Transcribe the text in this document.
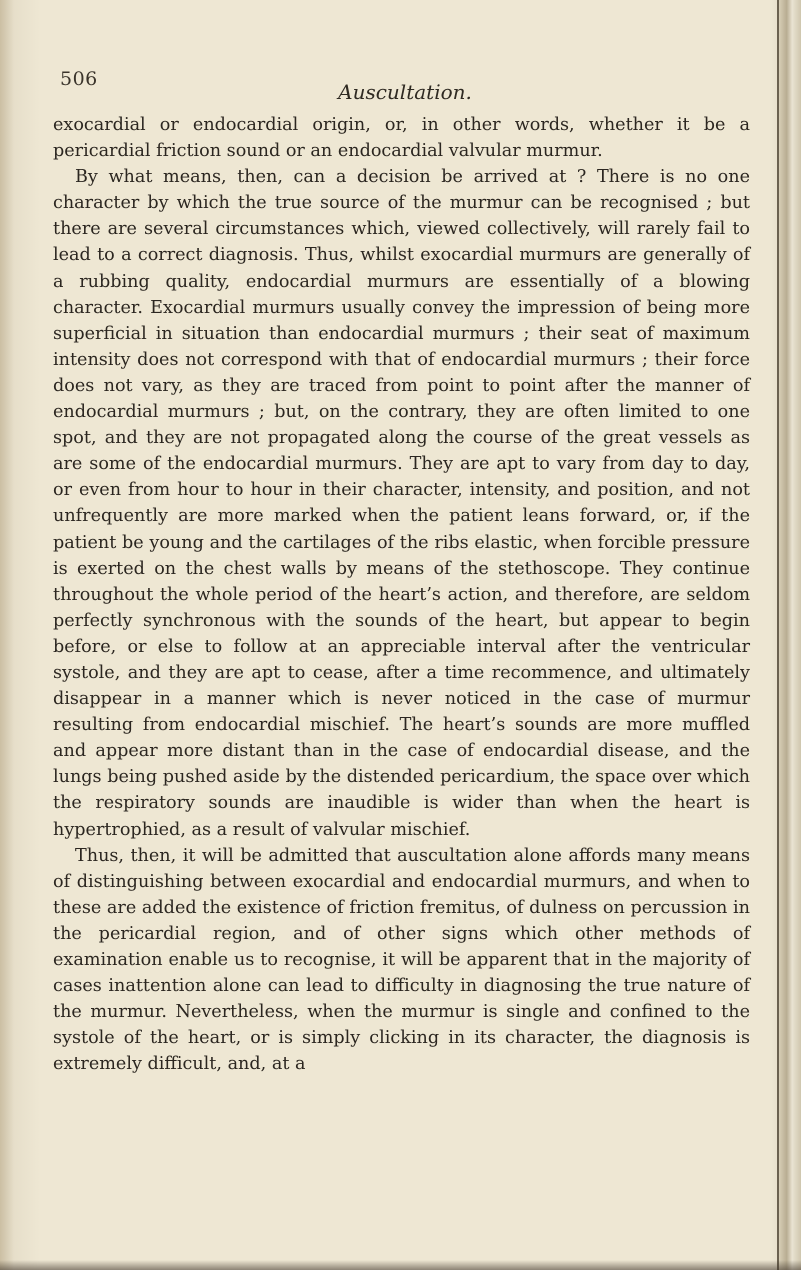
506
Auscultation.

exocardial or endocardial origin, or, in other words, whether it be a pericardial friction sound or an endocardial valvular murmur.

By what means, then, can a decision be arrived at ? There is no one character by which the true source of the murmur can be recognised ; but there are several circumstances which, viewed collectively, will rarely fail to lead to a correct diagnosis. Thus, whilst exocardial murmurs are generally of a rubbing quality, endocardial murmurs are essentially of a blowing character. Exocardial murmurs usually convey the impression of being more superficial in situation than endocardial murmurs ; their seat of maximum intensity does not correspond with that of endocardial murmurs ; their force does not vary, as they are traced from point to point after the manner of endocardial murmurs ; but, on the contrary, they are often limited to one spot, and they are not propagated along the course of the great vessels as are some of the endocardial murmurs. They are apt to vary from day to day, or even from hour to hour in their character, intensity, and position, and not unfrequently are more marked when the patient leans forward, or, if the patient be young and the cartilages of the ribs elastic, when forcible pressure is exerted on the chest walls by means of the stethoscope. They continue throughout the whole period of the heart’s action, and therefore, are seldom perfectly synchronous with the sounds of the heart, but appear to begin before, or else to follow at an appreciable interval after the ventricular systole, and they are apt to cease, after a time recommence, and ultimately disappear in a manner which is never noticed in the case of murmur resulting from endocardial mischief. The heart’s sounds are more muffled and appear more distant than in the case of endocardial disease, and the lungs being pushed aside by the distended pericardium, the space over which the respiratory sounds are inaudible is wider than when the heart is hypertrophied, as a result of valvular mischief.

Thus, then, it will be admitted that auscultation alone affords many means of distinguishing between exocardial and endocardial murmurs, and when to these are added the existence of friction fremitus, of dulness on percussion in the pericardial region, and of other signs which other methods of examination enable us to recognise, it will be apparent that in the majority of cases inattention alone can lead to difficulty in diagnosing the true nature of the murmur. Nevertheless, when the murmur is single and confined to the systole of the heart, or is simply clicking in its character, the diagnosis is extremely difficult, and, at a
